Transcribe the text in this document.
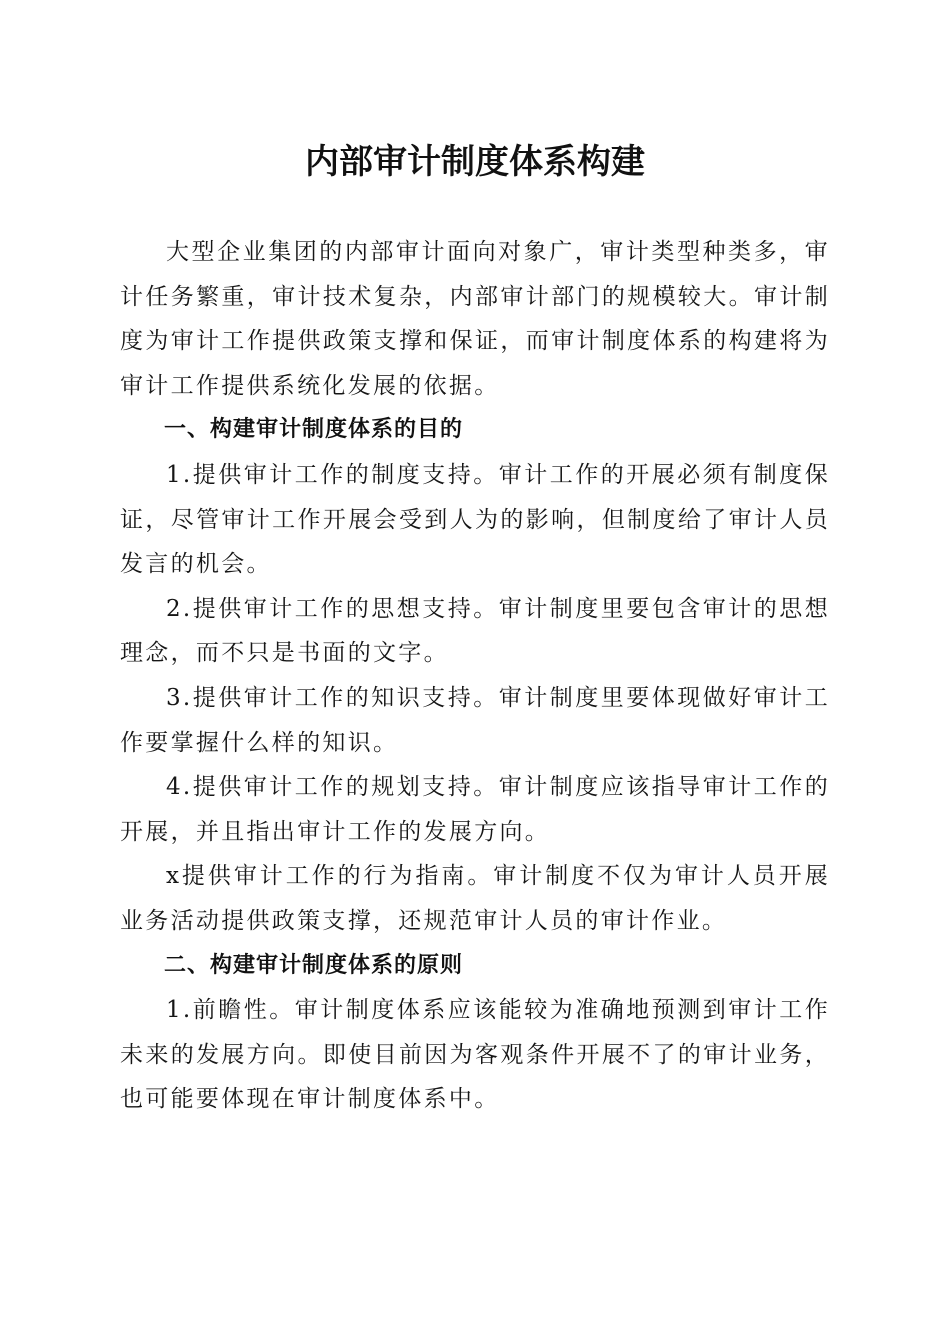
内部审计制度体系构建

大型企业集团的内部审计面向对象广，审计类型种类多，审计任务繁重，审计技术复杂，内部审计部门的规模较大。审计制度为审计工作提供政策支撑和保证，而审计制度体系的构建将为审计工作提供系统化发展的依据。

一、构建审计制度体系的目的

1.提供审计工作的制度支持。审计工作的开展必须有制度保证，尽管审计工作开展会受到人为的影响，但制度给了审计人员发言的机会。

2.提供审计工作的思想支持。审计制度里要包含审计的思想理念，而不只是书面的文字。

3.提供审计工作的知识支持。审计制度里要体现做好审计工作要掌握什么样的知识。

4.提供审计工作的规划支持。审计制度应该指导审计工作的开展，并且指出审计工作的发展方向。

x提供审计工作的行为指南。审计制度不仅为审计人员开展业务活动提供政策支撑，还规范审计人员的审计作业。

二、构建审计制度体系的原则

1.前瞻性。审计制度体系应该能较为准确地预测到审计工作未来的发展方向。即使目前因为客观条件开展不了的审计业务，也可能要体现在审计制度体系中。
